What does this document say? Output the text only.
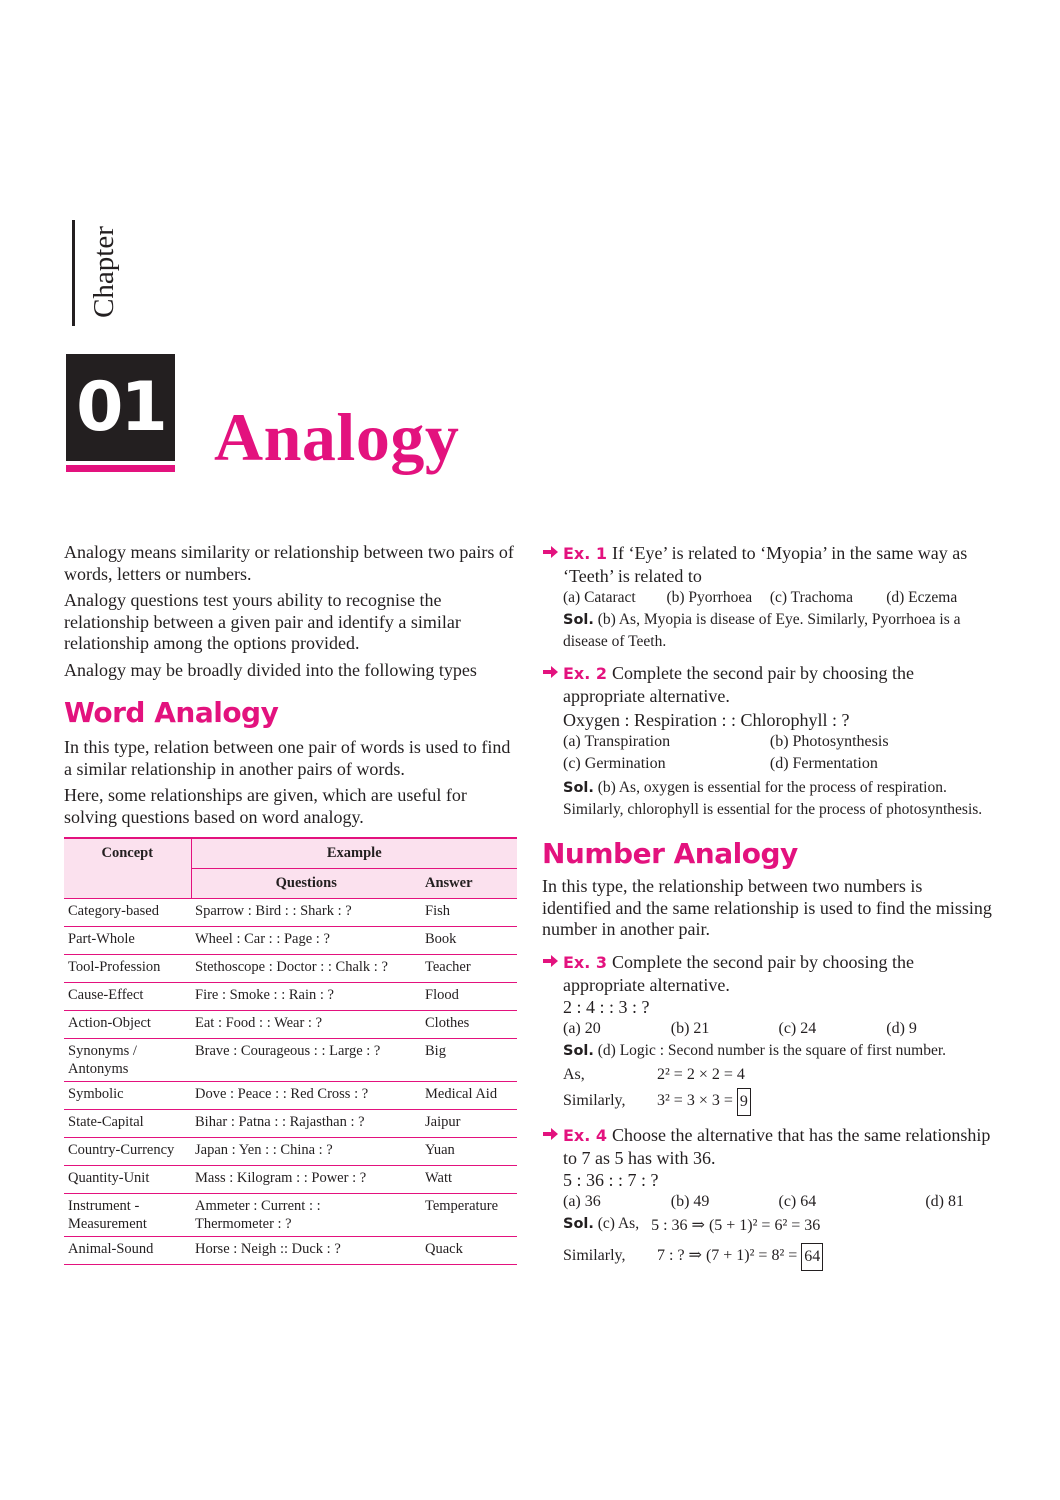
Chapter
01 Analogy

Analogy means similarity or relationship between two pairs of words, letters or numbers.

Analogy questions test yours ability to recognise the relationship between a given pair and identify a similar relationship among the options provided.

Analogy may be broadly divided into the following types

Word Analogy

In this type, relation between one pair of words is used to find a similar relationship in another pairs of words.

Here, some relationships are given, which are useful for solving questions based on word analogy.

Concept	Example	
	Questions	Answer
Category-based	Sparrow : Bird : : Shark : ?	Fish
Part-Whole	Wheel : Car : : Page : ?	Book
Tool-Profession	Stethoscope : Doctor : : Chalk : ?	Teacher
Cause-Effect	Fire : Smoke : : Rain : ?	Flood
Action-Object	Eat : Food : : Wear : ?	Clothes
Synonyms / Antonyms	Brave : Courageous : : Large : ?	Big
Symbolic	Dove : Peace : : Red Cross : ?	Medical Aid
State-Capital	Bihar : Patna : : Rajasthan : ?	Jaipur
Country-Currency	Japan : Yen : : China : ?	Yuan
Quantity-Unit	Mass : Kilogram : : Power : ?	Watt
Instrument - Measurement	Ammeter : Current : : Thermometer : ?	Temperature
Animal-Sound	Horse : Neigh :: Duck : ?	Quack

Ex. 1 If ‘Eye’ is related to ‘Myopia’ in the same way as ‘Teeth’ is related to

(a) Cataract	(b) Pyorrhoea	(c) Trachoma	(d) Eczema

Sol. (b) As, Myopia is disease of Eye. Similarly, Pyorrhoea is a disease of Teeth.

Ex. 2 Complete the second pair by choosing the appropriate alternative.

Oxygen : Respiration : : Chlorophyll : ?

(a) Transpiration	(b) Photosynthesis
(c) Germination	(d) Fermentation

Sol. (b) As, oxygen is essential for the process of respiration. Similarly, chlorophyll is essential for the process of photosynthesis.

Number Analogy

In this type, the relationship between two numbers is identified and the same relationship is used to find the missing number in another pair.

Ex. 3 Complete the second pair by choosing the appropriate alternative.

2 : 4 : : 3 : ?

(a) 20	(b) 21	(c) 24	(d) 9

Sol. (d) Logic : Second number is the square of first number.

As,	2² = 2 × 2 = 4
Similarly,	3² = 3 × 3 =
9

Ex. 4 Choose the alternative that has the same relationship to 7 as 5 has with 36.

5 : 36 : : 7 : ?

(a) 36	(b) 49	(c) 64	(d) 81
Sol. (c) As,
5 : 36 ⇒ (5 + 1)² = 6² = 36
Similarly,	7 : ? ⇒ (7 + 1)² = 8² =
64
